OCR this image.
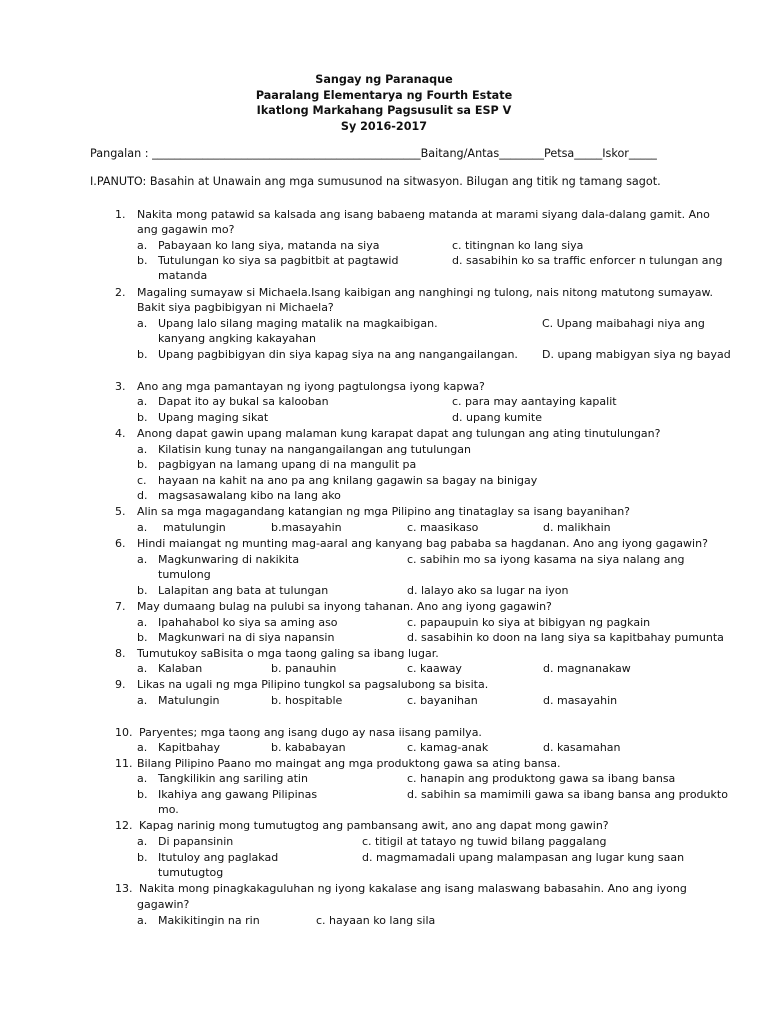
Sangay ng Paranaque
Paaralang Elementarya ng Fourth Estate
Ikatlong Markahang Pagsusulit sa ESP V
Sy 2016-2017
Pangalan : ________________________________________________Baitang/Antas________Petsa_____Iskor_____
I.PANUTO: Basahin at Unawain ang mga sumusunod na sitwasyon. Bilugan ang titik ng tamang sagot.
1. Nakita mong patawid sa kalsada ang isang babaeng matanda at marami siyang dala-dalang gamit. Ano
ang gagawin mo?
a. Pabayaan ko lang siya, matanda na siya	c. titingnan ko lang siya
b. Tutulungan ko siya sa pagbitbit at pagtawid	d. sasabihin ko sa traffic enforcer n tulungan ang
matanda
2. Magaling sumayaw si Michaela.Isang kaibigan ang nanghingi ng tulong, nais nitong matutong sumayaw.
Bakit siya pagbibigyan ni Michaela?
a. Upang lalo silang maging matalik na magkaibigan.	C. Upang maibahagi niya ang
kanyang angking kakayahan
b. Upang pagbibigyan din siya kapag siya na ang nangangailangan. D. upang mabigyan siya ng bayad
3. Ano ang mga pamantayan ng iyong pagtulongsa iyong kapwa?
a. Dapat ito ay bukal sa kalooban	c. para may aantaying kapalit
b. Upang maging sikat	d. upang kumite
4. Anong dapat gawin upang malaman kung karapat dapat ang tulungan ang ating tinutulungan?
a. Kilatisin kung tunay na nangangailangan ang tutulungan
b. pagbigyan na lamang upang di na mangulit pa
c. hayaan na kahit na ano pa ang knilang gagawin sa bagay na binigay
d. magsasawalang kibo na lang ako
5. Alin sa mga magagandang katangian ng mga Pilipino ang tinataglay sa isang bayanihan?
a. matulungin	b.masayahin	c. maasikaso	d. malikhain
6. Hindi maiangat ng munting mag-aaral ang kanyang bag pababa sa hagdanan. Ano ang iyong gagawin?
a. Magkunwaring di nakikita	c. sabihin mo sa iyong kasama na siya nalang ang
tumulong
b. Lalapitan ang bata at tulungan	d. lalayo ako sa lugar na iyon
7. May dumaang bulag na pulubi sa inyong tahanan. Ano ang iyong gagawin?
a. Ipahahabol ko siya sa aming aso	c. papaupuin ko siya at bibigyan ng pagkain
b. Magkunwari na di siya napansin	d. sasabihin ko doon na lang siya sa kapitbahay pumunta
8. Tumutukoy saBisita o mga taong galing sa ibang lugar.
a. Kalaban	b. panauhin	c. kaaway	d. magnanakaw
9. Likas na ugali ng mga Pilipino tungkol sa pagsalubong sa bisita.
a. Matulungin	b. hospitable	c. bayanihan	d. masayahin
10. Paryentes; mga taong ang isang dugo ay nasa iisang pamilya.
a. Kapitbahay	b. kababayan	c. kamag-anak	d. kasamahan
11. Bilang Pilipino Paano mo maingat ang mga produktong gawa sa ating bansa.
a. Tangkilikin ang sariling atin	c. hanapin ang produktong gawa sa ibang bansa
b. Ikahiya ang gawang Pilipinas	d. sabihin sa mamimili gawa sa ibang bansa ang produkto
mo.
12. Kapag narinig mong tumutugtog ang pambansang awit, ano ang dapat mong gawin?
a. Di papansinin	c. titigil at tatayo ng tuwid bilang paggalang
b. Itutuloy ang paglakad	d. magmamadali upang malampasan ang lugar kung saan
tumutugtog
13. Nakita mong pinagkakaguluhan ng iyong kakalase ang isang malaswang babasahin. Ano ang iyong
gagawin?
a. Makikitingin na rin	c. hayaan ko lang sila
